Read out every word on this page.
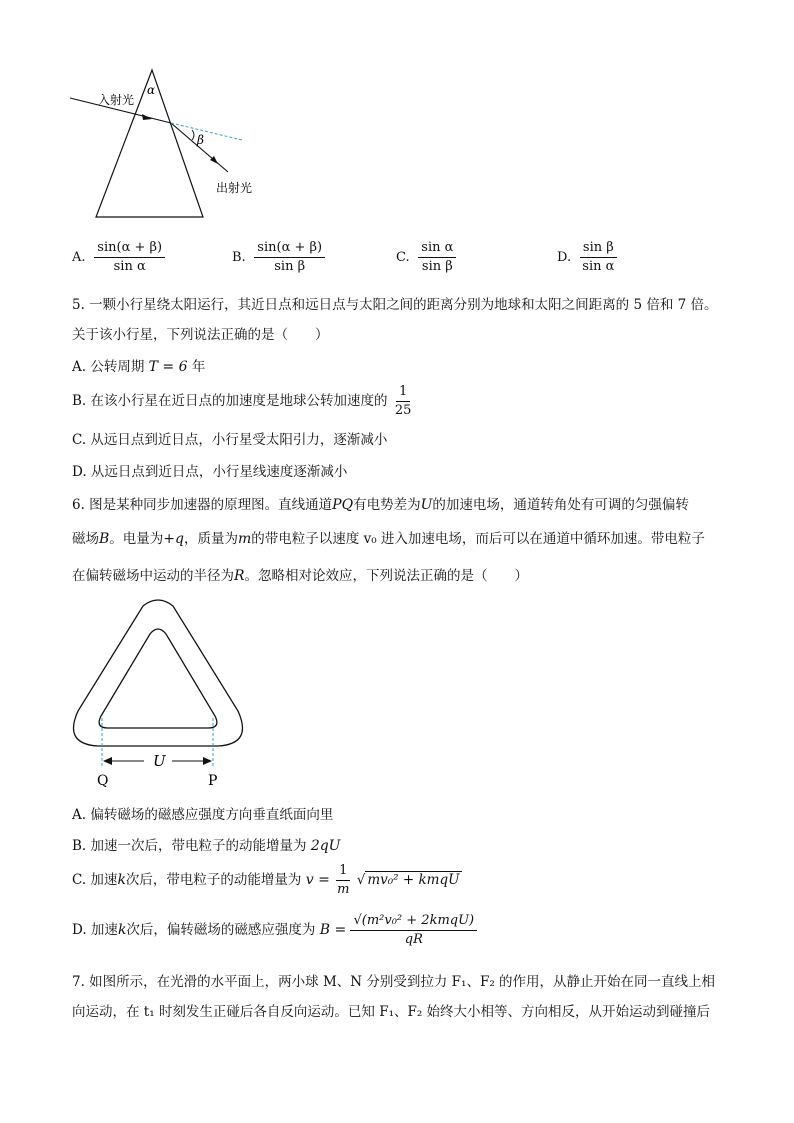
入射光
α
β
出射光
A. $\frac{\sin(\alpha + \beta)}{\text{sin α}}$	B. $\frac{\sin(\alpha + \beta)}{\text{sin β}}$	C. $\frac{\text{sin α}}{\text{sin β}}$	D. $\frac{\text{sin β}}{\text{sin α}}$
5. 一颗小行星绕太阳运行，其近日点和远日点与太阳之间的距离分别为地球和太阳之间距离的 5 倍和 7 倍。
关于该小行星，下列说法正确的是（　　）
A. 公转周期 T = 6 年
B. 在该小行星在近日点的加速度是地球公转加速度的 $\frac{1}{25}$
C. 从远日点到近日点，小行星受太阳引力，逐渐减小
D. 从远日点到近日点，小行星线速度逐渐减小
6. 图是某种同步加速器的原理图。直线通道PQ有电势差为U的加速电场，通道转角处有可调的匀强偏转
磁场B。电量为+q，质量为m的带电粒子以速度 v₀ 进入加速电场，而后可以在通道中循环加速。带电粒子
在偏转磁场中运动的半径为R。忽略相对论效应，下列说法正确的是（　　）
U
Q	P
A. 偏转磁场的磁感应强度方向垂直纸面向里
B. 加速一次后，带电粒子的动能增量为 2qU
C. 加速k次后，带电粒子的动能增量为 $v = \frac{1}{m}$ √ mv₀² + kmqU
D. 加速k次后，偏转磁场的磁感应强度为 $B = \frac{\text{√(m²v₀² + 2kmqU)}}{qR}$
7. 如图所示，在光滑的水平面上，两小球 M、N 分别受到拉力 F₁、F₂ 的作用，从静止开始在同一直线上相
向运动，在 t₁ 时刻发生正碰后各自反向运动。已知 F₁、F₂ 始终大小相等、方向相反，从开始运动到碰撞后
